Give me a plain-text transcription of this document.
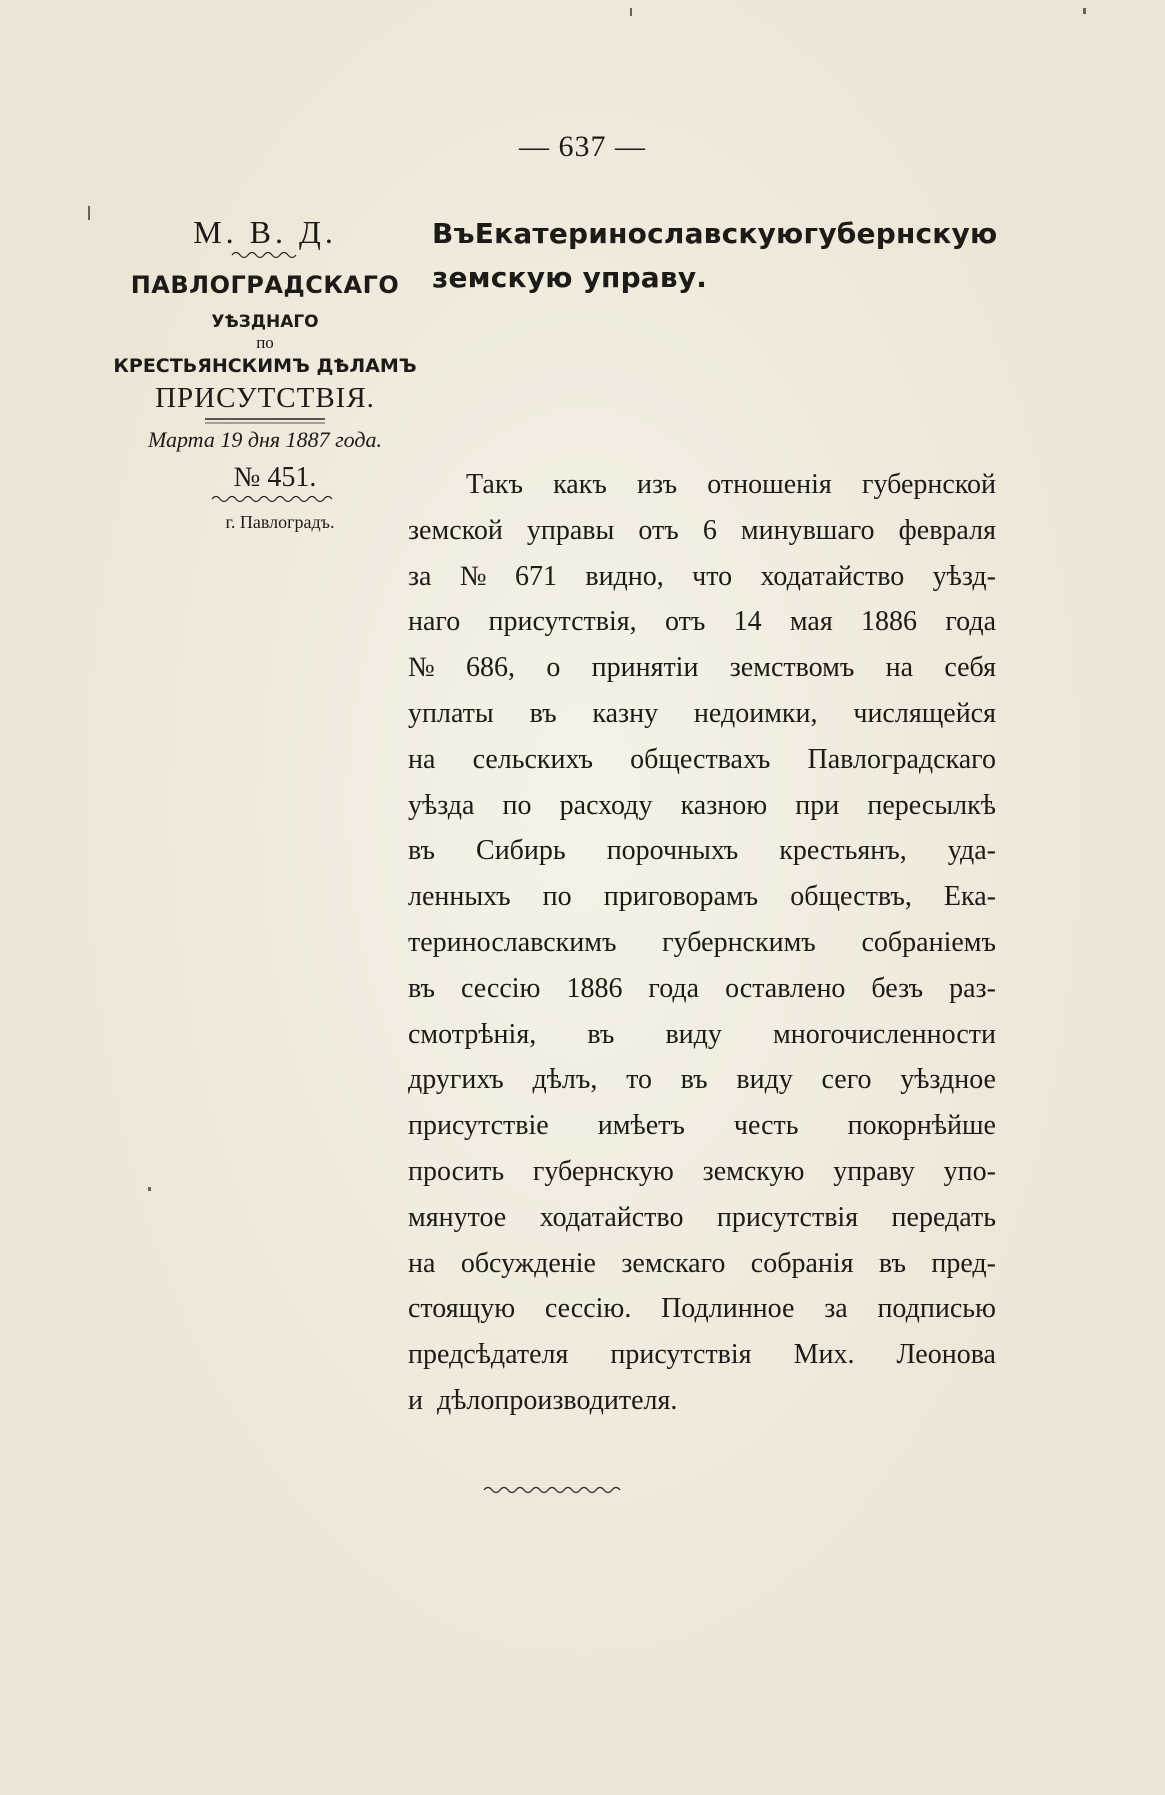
— 637 —
М. В. Д.
ПАВЛОГРАДСКАГО
УѢЗДНАГО
по
КРЕСТЬЯНСКИМЪ ДѢЛАМЪ
ПРИСУТСТВІЯ.
Марта 19 дня 1887 года.
№ 451.
г. Павлоградъ.
Въ Екатеринославскую губернскую
земскую управу.
Такъ какъ изъ отношенія губернской
земской управы отъ 6 минувшаго февраля
за № 671 видно, что ходатайство уѣзд-
наго присутствія, отъ 14 мая 1886 года
№ 686, о принятіи земствомъ на себя
уплаты въ казну недоимки, числящейся
на сельскихъ обществахъ Павлоградскаго
уѣзда по расходу казною при пересылкѣ
въ Сибирь порочныхъ крестьянъ, уда-
ленныхъ по приговорамъ обществъ, Ека-
теринославскимъ губернскимъ собраніемъ
въ сессію 1886 года оставлено безъ раз-
смотрѣнія, въ виду многочисленности
другихъ дѣлъ, то въ виду сего уѣздное
присутствіе имѣетъ честь покорнѣйше
просить губернскую земскую управу упо-
мянутое ходатайство присутствія передать
на обсужденіе земскаго собранія въ пред-
стоящую сессію. Подлинное за подписью
предсѣдателя присутствія Мих. Леонова
и дѣлопроизводителя.
